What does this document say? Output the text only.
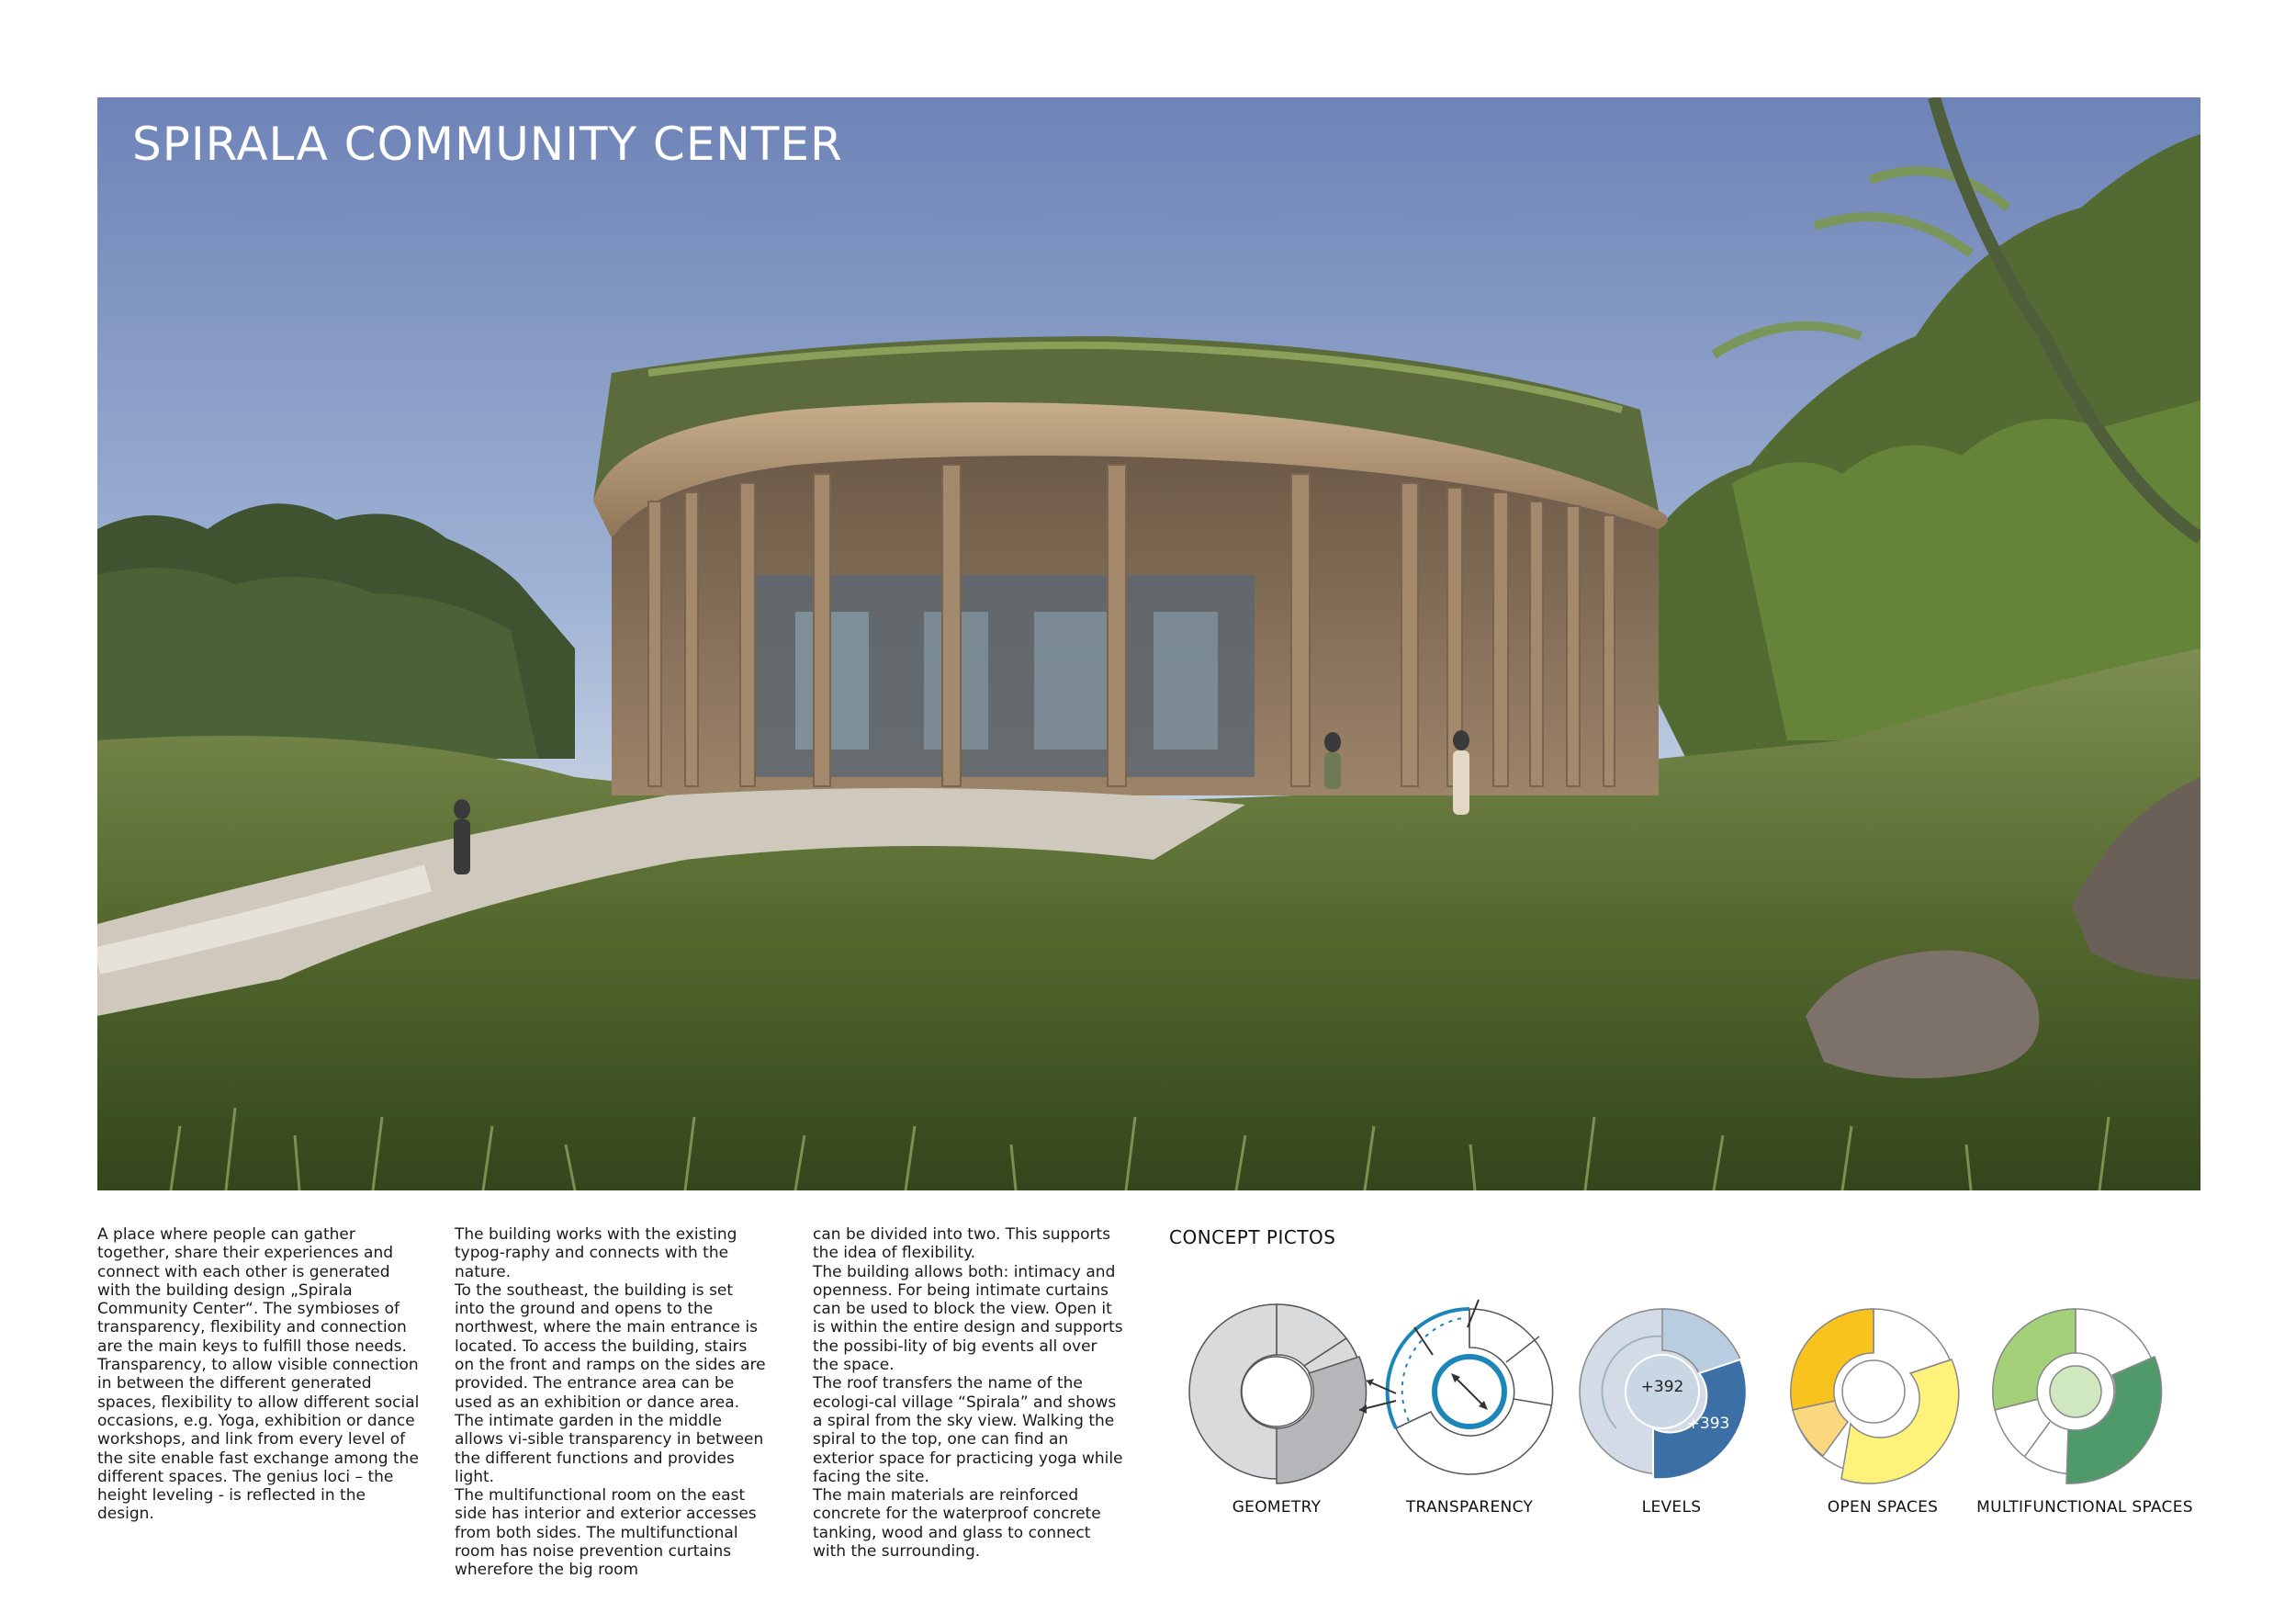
SPIRALA COMMUNITY CENTER

A place where people can gather together, share their experiences and connect with each other is generated with the building design „Spirala Community Center“. The symbioses of transparency, flexibility and connection are the main keys to fulfill those needs.
Transparency, to allow visible connection in between the different generated spaces, flexibility to allow different social occasions, e.g. Yoga, exhibition or dance workshops, and link from every level of the site enable fast exchange among the different spaces. The genius loci – the height leveling - is reflected in the design.

The building works with the existing typog-raphy and connects with the nature.
To the southeast, the building is set into the ground and opens to the northwest, where the main entrance is located. To access the building, stairs on the front and ramps on the sides are provided. The entrance area can be used as an exhibition or dance area. The intimate garden in the middle allows vi-sible transparency in between the different functions and provides light.
The multifunctional room on the east side has interior and exterior accesses from both sides. The multifunctional room has noise prevention curtains wherefore the big room

can be divided into two. This supports the idea of flexibility.
The building allows both: intimacy and openness. For being intimate curtains can be used to block the view. Open it is within the entire design and supports the possibi-lity of big events all over the space.
The roof transfers the name of the ecologi-cal village “Spirala” and shows a spiral from the sky view. Walking the spiral to the top, one can find an exterior space for practicing yoga while facing the site.
The main materials are reinforced concrete for the waterproof concrete tanking, wood and glass to connect with the surrounding.

CONCEPT PICTOS
GEOMETRY	TRANSPARENCY
+392
+393
LEVELS	OPEN SPACES	MULTIFUNCTIONAL SPACES
